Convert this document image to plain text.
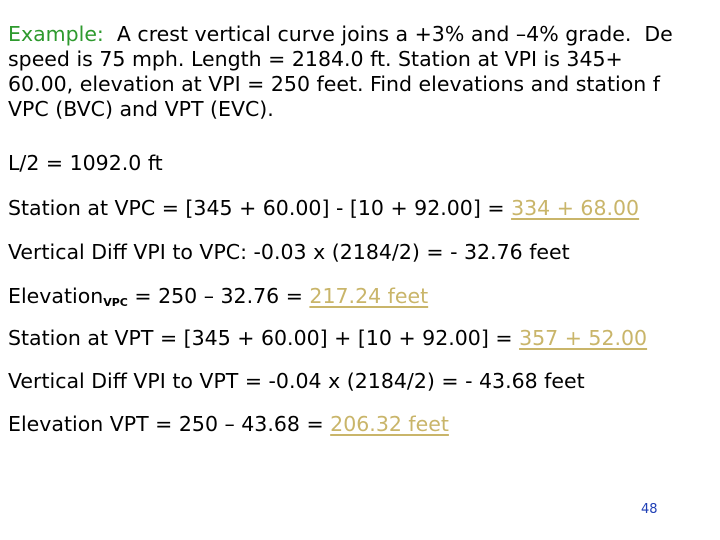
Example:  A crest vertical curve joins a +3% and –4% grade.  De
speed is 75 mph. Length = 2184.0 ft. Station at VPI is 345+
60.00, elevation at VPI = 250 feet. Find elevations and station f
VPC (BVC) and VPT (EVC).
L/2 = 1092.0 ft
Station at VPC = [345 + 60.00] - [10 + 92.00] = 334 + 68.00
Vertical Diff VPI to VPC: -0.03 x (2184/2) = - 32.76 feet
Elevation$_{VPC}$ = 250 – 32.76 = 217.24 feet
Station at VPT = [345 + 60.00] + [10 + 92.00] = 357 + 52.00
Vertical Diff VPI to VPT = -0.04 x (2184/2) = - 43.68 feet
Elevation VPT = 250 – 43.68 = 206.32 feet
48
